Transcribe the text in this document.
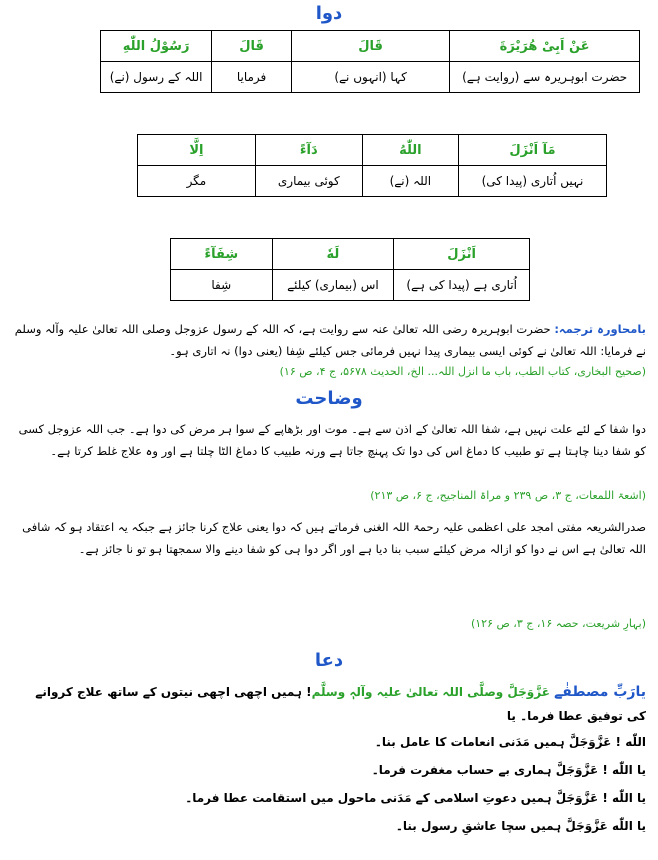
دوا
عَنْ اَبِیْ هُرَیْرَةَ	قَالَ	قَالَ	رَسُوْلُ اللّٰهِ
حضرت ابوہریرہ سے (روایت ہے)	کہا (انہوں نے)	فرمایا	اللہ کے رسول (نے)
مَآ اَنْزَلَ	اللّٰهُ	دَآءً	اِلَّا
نہیں اُتاری (پیدا کی)	اللہ (نے)	کوئی بیماری	مگر
اَنْزَلَ	لَهٗ	شِفَآءً
اُتاری ہے (پیدا کی ہے)	اس (بیماری) کیلئے	شِفا
بامحاورہ ترجمہ: حضرت ابوہریرہ رضی اللہ تعالیٰ عنہ سے روایت ہے، کہ اللہ کے رسول عزوجل وصلی اللہ تعالیٰ علیہ وآلہ وسلم نے فرمایا: اللہ تعالیٰ نے کوئی ایسی بیماری پیدا نہیں فرمائی جس کیلئے شِفا (یعنی دوا) نہ اتاری ہو۔
(صحیح البخاری، کتاب الطب، باب ما انزل اللہ... الخ، الحدیث ۵۶۷۸، ج ۴، ص ۱۶)
وضاحت
دوا شفا کے لئے علت نہیں ہے، شفا اللہ تعالیٰ کے اذن سے ہے۔ موت اور بڑھاپے کے سوا ہر مرض کی دوا ہے۔ جب اللہ عزوجل کسی کو شفا دینا چاہتا ہے تو طبیب کا دماغ اس کی دوا تک پہنچ جاتا ہے ورنہ طبیب کا دماغ الٹا چلتا ہے اور وہ علاج غلط کرتا ہے۔
(اشعۃ اللمعات، ج ۳، ص ۲۳۹ و مراۃ المناجیح، ج ۶، ص ۲۱۳)
صدرالشریعہ مفتی امجد علی اعظمی علیہ رحمۃ اللہ الغنی فرماتے ہیں کہ دوا یعنی علاج کرنا جائز ہے جبکہ یہ اعتقاد ہو کہ شافی اللہ تعالیٰ ہے اس نے دوا کو ازالہ مرض کیلئے سبب بنا دیا ہے اور اگر دوا ہی کو شفا دینے والا سمجھتا ہو تو نا جائز ہے۔
(بہارِ شریعت، حصہ ۱۶، ج ۳، ص ۱۲۶)
دعا
یارَبِّ مصطفٰے عَزَّوَجَلَّ وصلَّی اللہ تعالیٰ علیہ وآلہٖ وسلَّم! ہمیں اچھی اچھی نیتوں کے ساتھ علاج کروانے کی توفیق عطا فرما۔ یا
اللّٰه ! عَزَّوَجَلَّ ہمیں مَدَنی انعامات کا عامل بنا۔
یا اللّٰه ! عَزَّوَجَلَّ ہماری بے حساب مغفرت فرما۔
یا اللّٰه ! عَزَّوَجَلَّ ہمیں دعوتِ اسلامی کے مَدَنی ماحول میں استقامت عطا فرما۔
یا اللّٰه عَزَّوَجَلَّ ہمیں سچا عاشقِ رسول بنا۔
